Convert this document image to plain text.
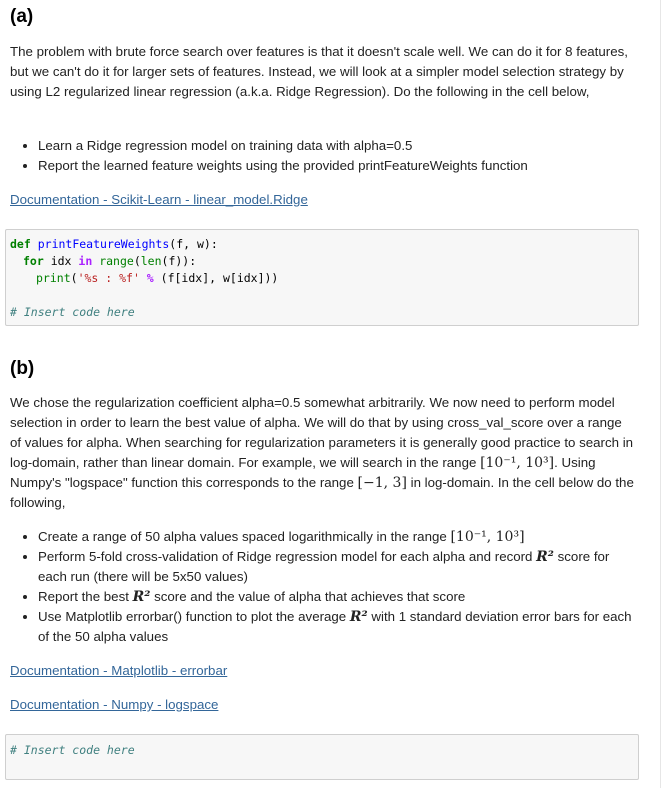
(a)
The problem with brute force search over features is that it doesn't scale well. We can do it for 8 features, but we can't do it for larger sets of features. Instead, we will look at a simpler model selection strategy by using L2 regularized linear regression (a.k.a. Ridge Regression). Do the following in the cell below,
• Learn a Ridge regression model on training data with alpha=0.5
• Report the learned feature weights using the provided printFeatureWeights function
Documentation - Scikit-Learn - linear_model.Ridge
def printFeatureWeights(f, w):
for idx in range(len(f)):
print('%s : %f' % (f[idx], w[idx]))
# Insert code here
(b)
We chose the regularization coefficient alpha=0.5 somewhat arbitrarily. We now need to perform model selection in order to learn the best value of alpha. We will do that by using cross_val_score over a range of values for alpha. When searching for regularization parameters it is generally good practice to search in log-domain, rather than linear domain. For example, we will search in the range [10⁻¹, 10³]. Using Numpy's "logspace" function this corresponds to the range [−1, 3] in log-domain. In the cell below do the following,
• Create a range of 50 alpha values spaced logarithmically in the range [10⁻¹, 10³]
• Perform 5-fold cross-validation of Ridge regression model for each alpha and record R² score for each run (there will be 5x50 values)
• Report the best R² score and the value of alpha that achieves that score
• Use Matplotlib errorbar() function to plot the average R² with 1 standard deviation error bars for each of the 50 alpha values
Documentation - Matplotlib - errorbar
Documentation - Numpy - logspace
# Insert code here
